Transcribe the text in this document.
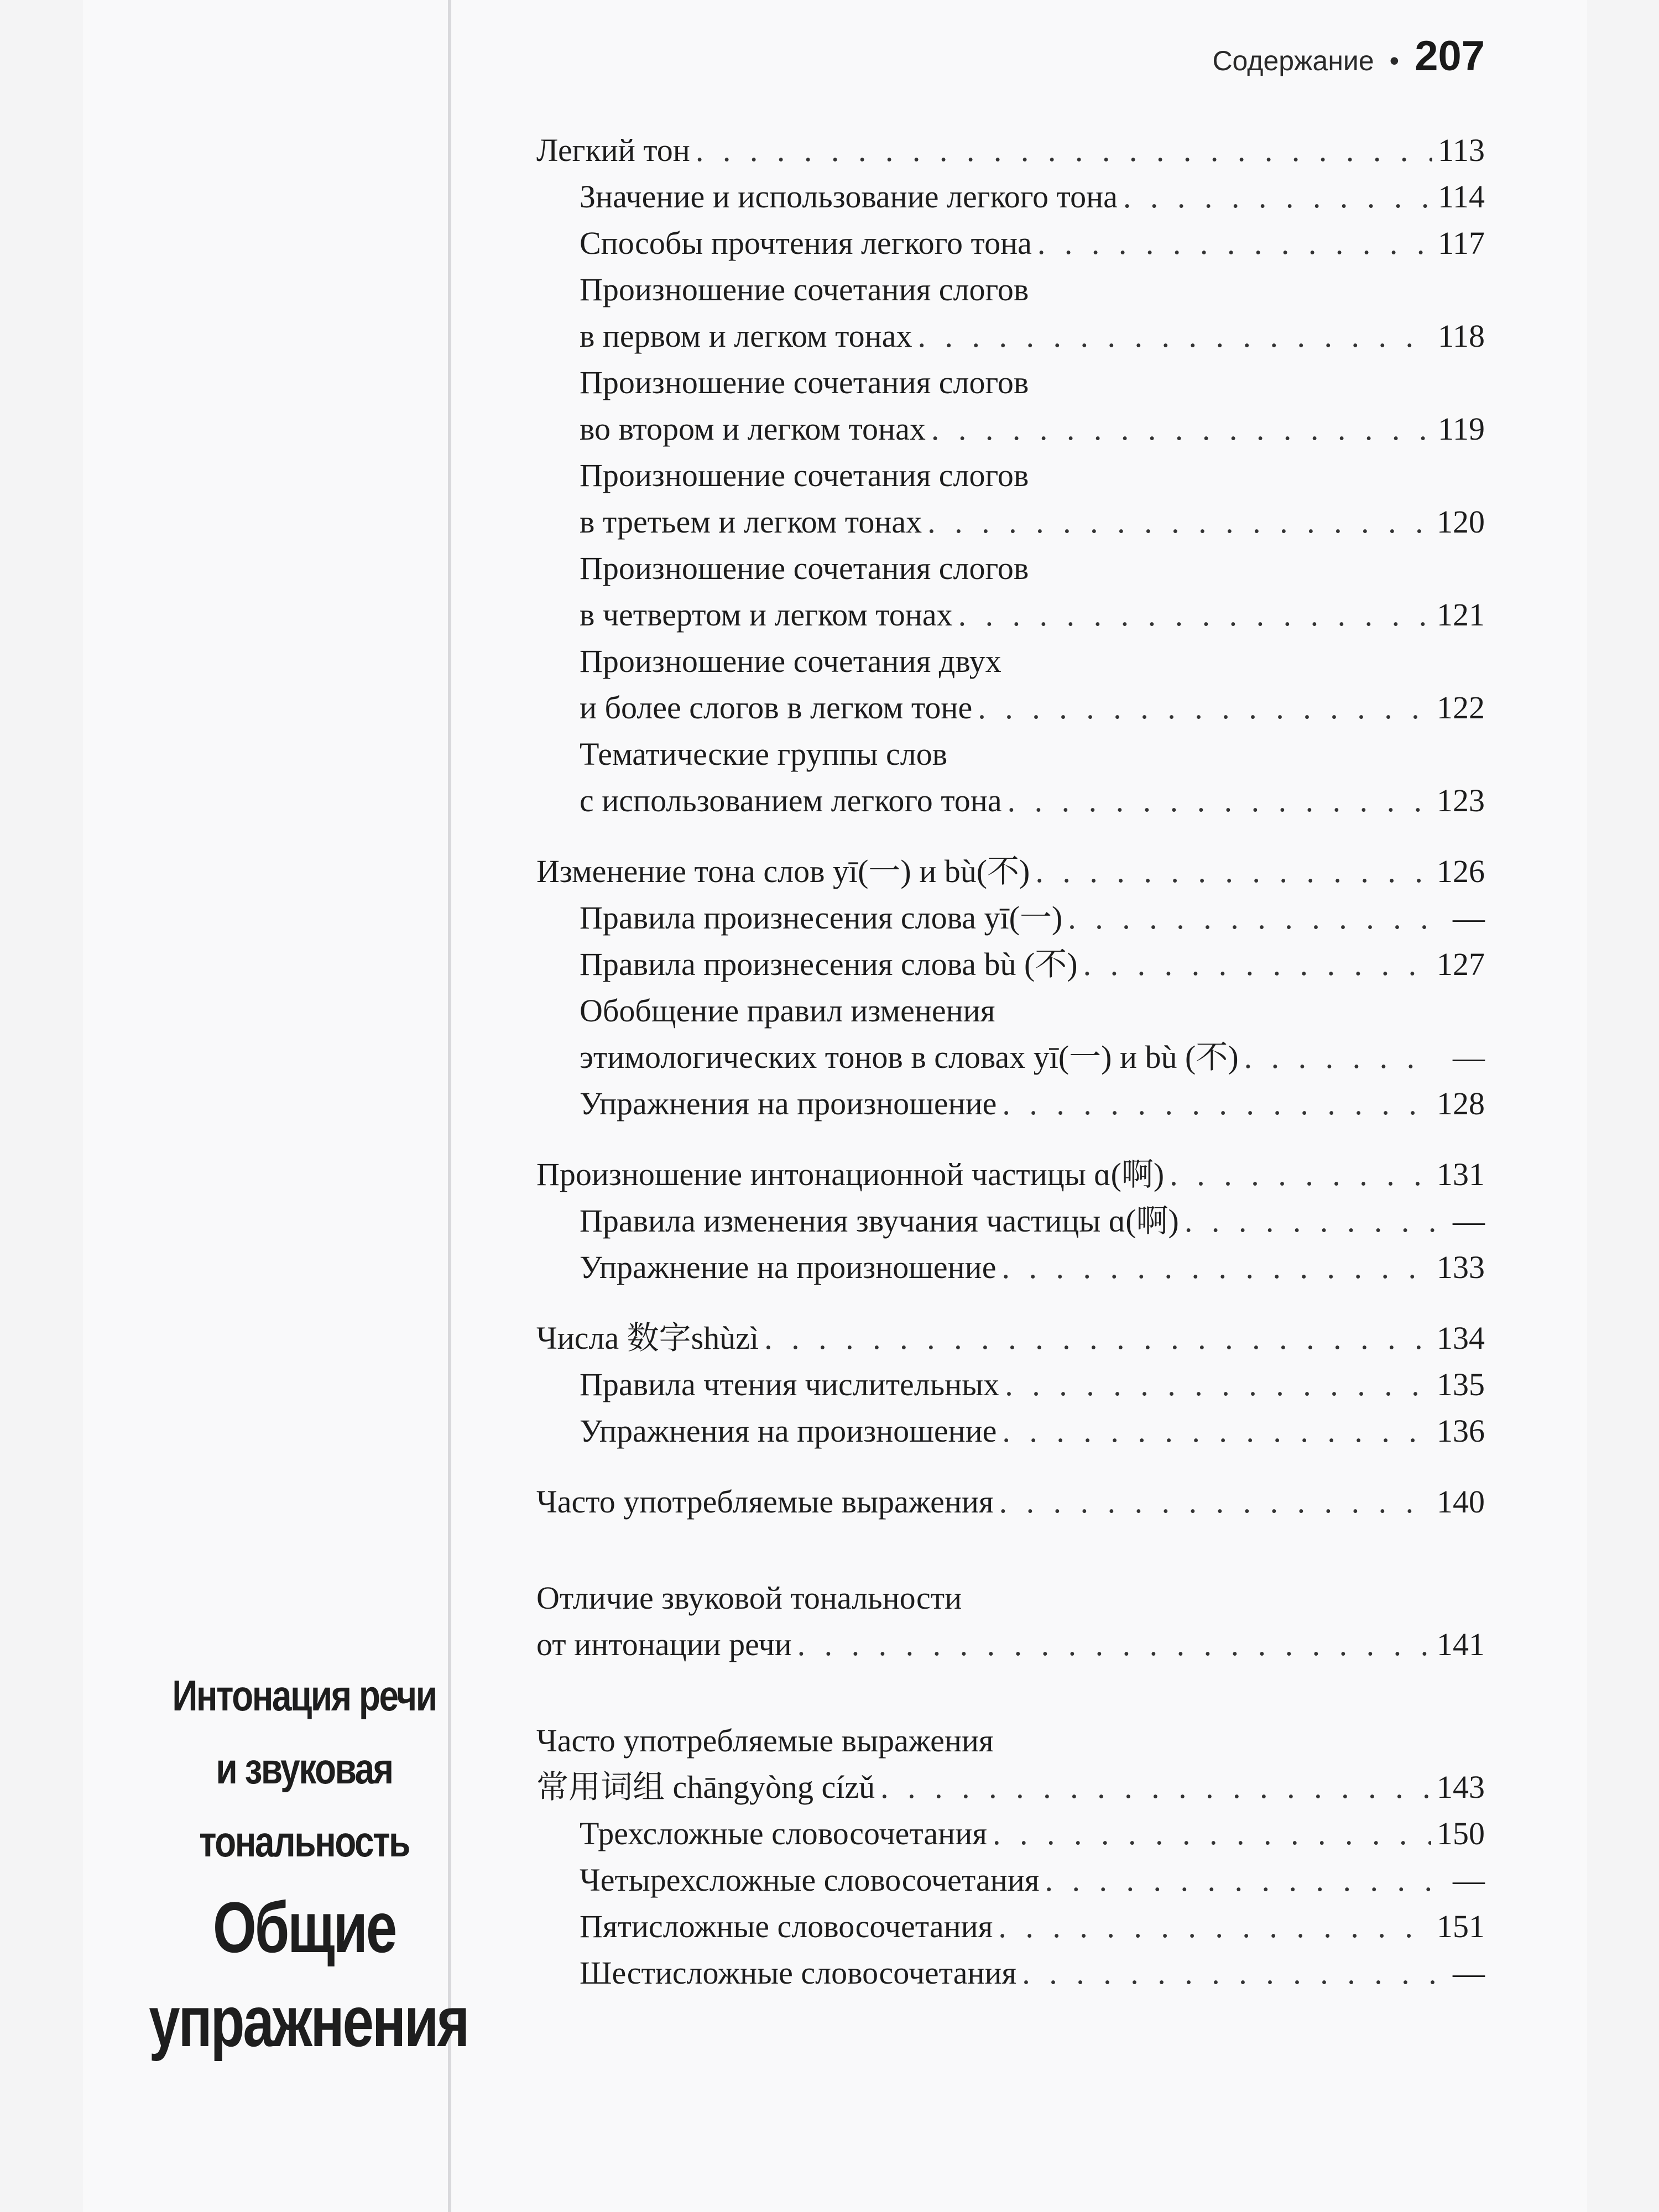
Содержание • 207
Легкий тон . . .	113
Значение и использование легкого тона . . .	114
Способы прочтения легкого тона . . .	117
Произношение сочетания слогов
в первом и легком тонах . . .	118
Произношение сочетания слогов
во втором и легком тонах . . .	119
Произношение сочетания слогов
в третьем и легком тонах . . .	120
Произношение сочетания слогов
в четвертом и легком тонах . . .	121
Произношение сочетания двух
и более слогов в легком тоне . . .	122
Тематические группы слов
с использованием легкого тона . . .	123
Изменение тона слов yī(一) и bù(不) . . .	126
Правила произнесения слова yī(一) . . .	—
Правила произнесения слова bù (不) . . .	127
Обобщение правил изменения
этимологических тонов в словах yī(一) и bù (不) . . .	—
Упражнения на произношение . . .	128
Произношение интонационной частицы ɑ(啊) . . .	131
Правила изменения звучания частицы ɑ(啊) . . .	—
Упражнение на произношение . . .	133
Числа 数字shùzì . . .	134
Правила чтения числительных . . .	135
Упражнения на произношение . . .	136
Часто употребляемые выражения . . .	140
Отличие звуковой тональности
от интонации речи . . .	141
Часто употребляемые выражения
常用词组 chāngyòng cízǔ . . .	143
Трехсложные словосочетания . . .	150
Четырехсложные словосочетания . . .	—
Пятисложные словосочетания . . .	151
Шестисложные словосочетания . . .	—
Интонация речи
и звуковая
тональность
Общие
упражнения
